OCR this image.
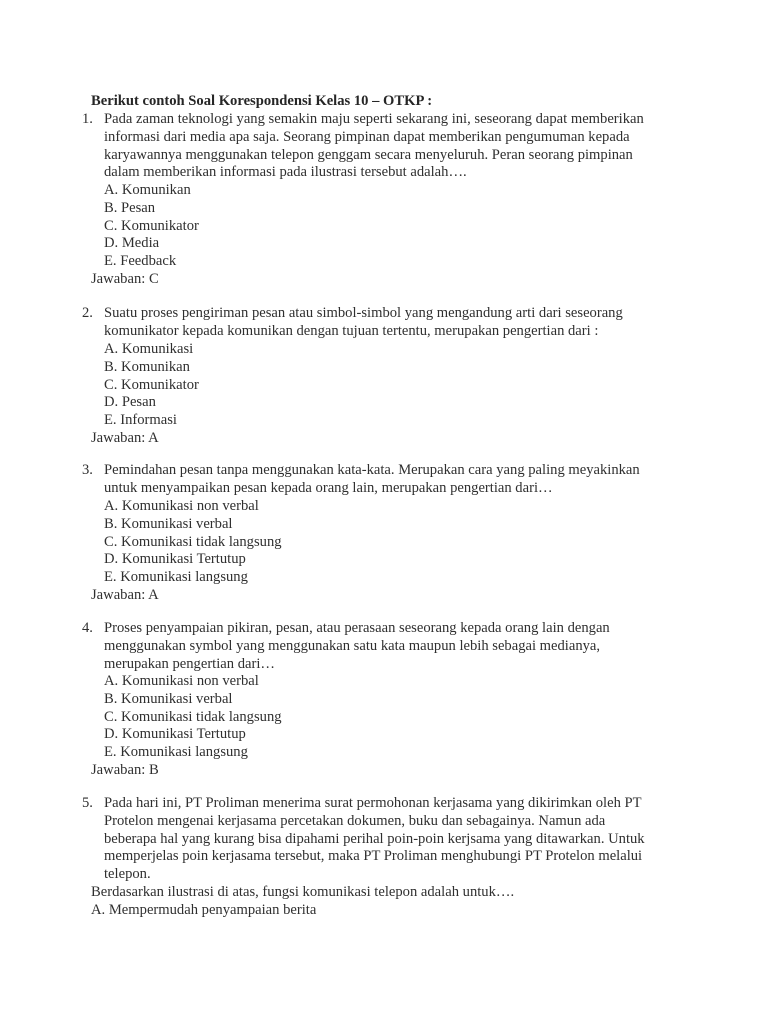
Berikut contoh Soal Korespondensi Kelas 10 – OTKP :
1. Pada zaman teknologi yang semakin maju seperti sekarang ini, seseorang dapat memberikan
informasi dari media apa saja. Seorang pimpinan dapat memberikan pengumuman kepada
karyawannya menggunakan telepon genggam secara menyeluruh. Peran seorang pimpinan
dalam memberikan informasi pada ilustrasi tersebut adalah….
A. Komunikan
B. Pesan
C. Komunikator
D. Media
E. Feedback
Jawaban: C
2. Suatu proses pengiriman pesan atau simbol-simbol yang mengandung arti dari seseorang
komunikator kepada komunikan dengan tujuan tertentu, merupakan pengertian dari :
A. Komunikasi
B. Komunikan
C. Komunikator
D. Pesan
E. Informasi
Jawaban: A
3. Pemindahan pesan tanpa menggunakan kata-kata. Merupakan cara yang paling meyakinkan
untuk menyampaikan pesan kepada orang lain, merupakan pengertian dari…
A. Komunikasi non verbal
B. Komunikasi verbal
C. Komunikasi tidak langsung
D. Komunikasi Tertutup
E. Komunikasi langsung
Jawaban: A
4. Proses penyampaian pikiran, pesan, atau perasaan seseorang kepada orang lain dengan
menggunakan symbol yang menggunakan satu kata maupun lebih sebagai medianya,
merupakan pengertian dari…
A. Komunikasi non verbal
B. Komunikasi verbal
C. Komunikasi tidak langsung
D. Komunikasi Tertutup
E. Komunikasi langsung
Jawaban: B
5. Pada hari ini, PT Proliman menerima surat permohonan kerjasama yang dikirimkan oleh PT
Protelon mengenai kerjasama percetakan dokumen, buku dan sebagainya. Namun ada
beberapa hal yang kurang bisa dipahami perihal poin-poin kerjsama yang ditawarkan. Untuk
memperjelas poin kerjasama tersebut, maka PT Proliman menghubungi PT Protelon melalui
telepon.
Berdasarkan ilustrasi di atas, fungsi komunikasi telepon adalah untuk….
A. Mempermudah penyampaian berita
